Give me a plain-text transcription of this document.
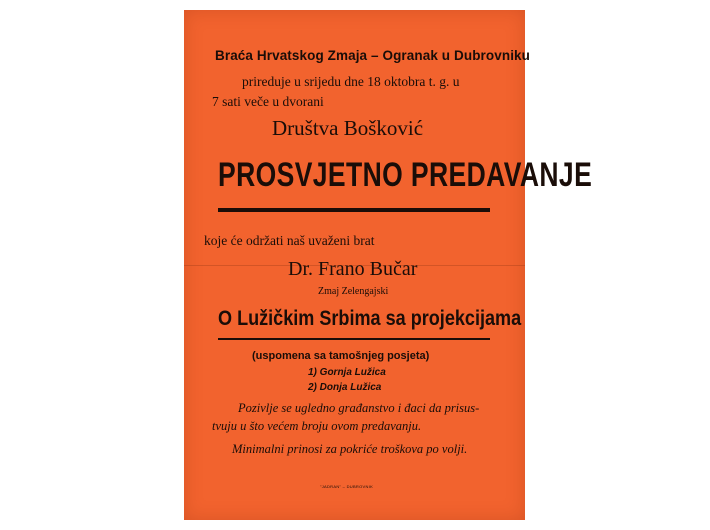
Braća Hrvatskog Zmaja – Ogranak u Dubrovniku
prireduje u srijedu dne 18 oktobra t. g. u
7 sati veče u dvorani
Društva Bošković
PROSVJETNO PREDAVANJE
koje će održati naš uvaženi brat
Dr. Frano Bučar
Zmaj Zelengajski
O Lužičkim Srbima sa projekcijama
(uspomena sa tamošnjeg posjeta)
1) Gornja Lužica
2) Donja Lužica
Pozivlje se ugledno građanstvo i đaci da prisus-
tvuju u što većem broju ovom predavanju.
Minimalni prinosi za pokriće troškova po volji.
"JADRAN" – DUBROVNIK
